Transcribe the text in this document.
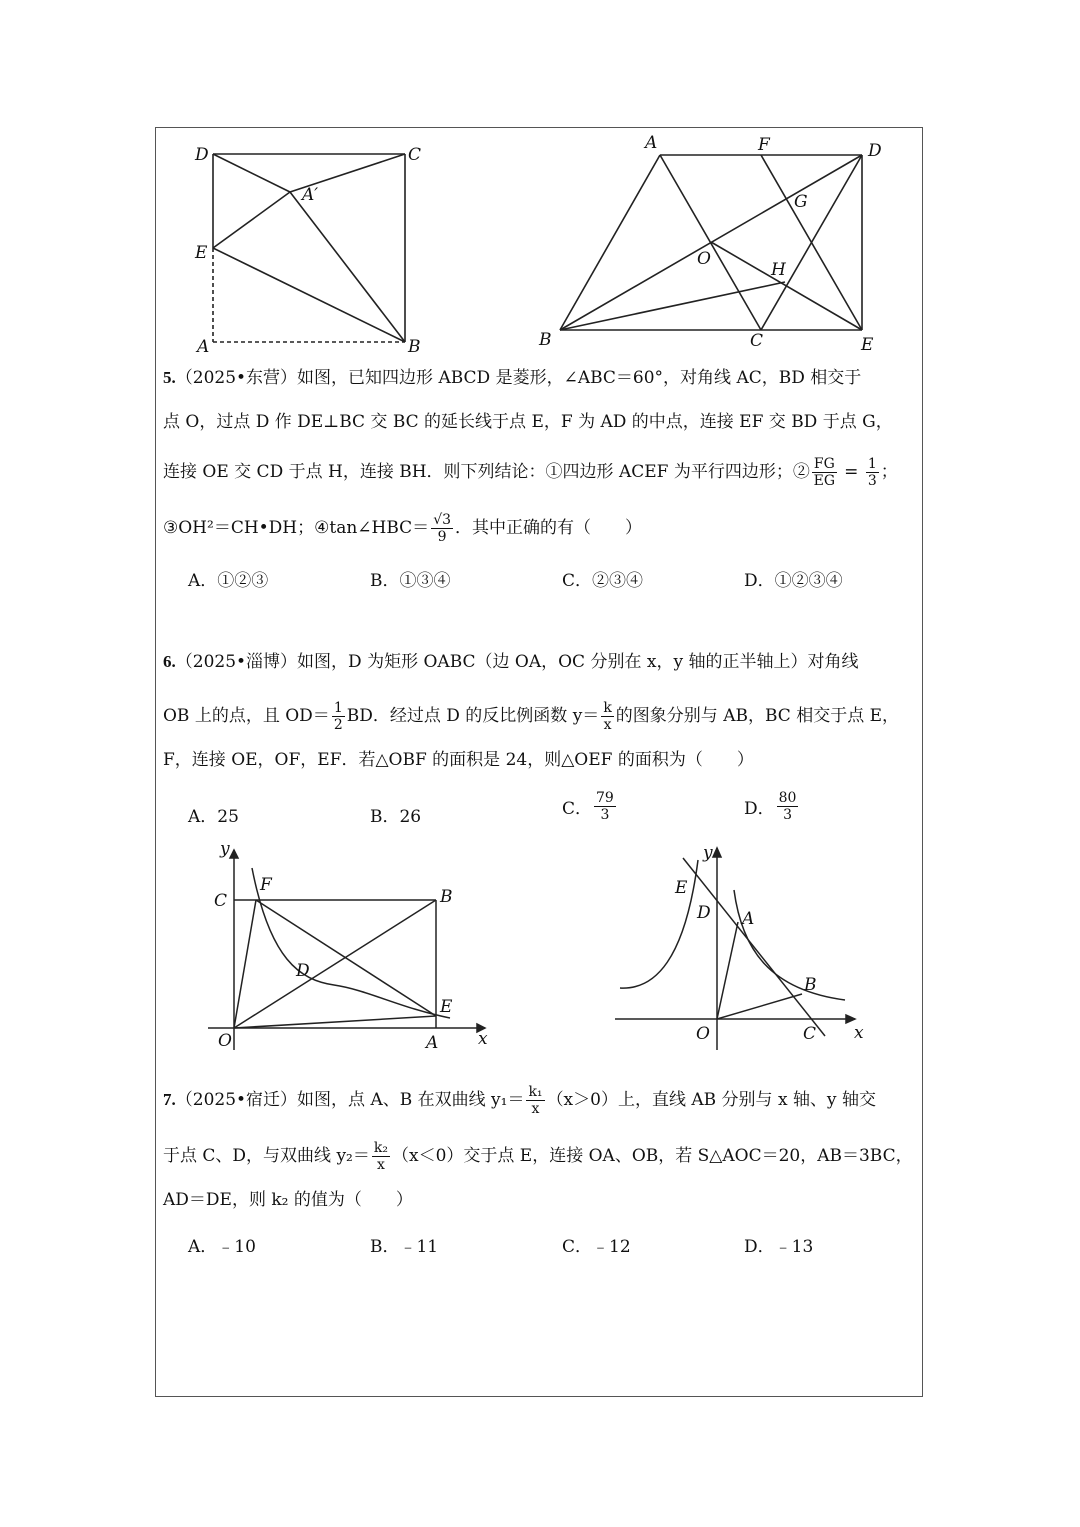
D	C
A′
E
A	B
A	F	D
G
O
H
B	C	E
5.（2025•东营）如图，已知四边形 ABCD 是菱形，∠ABC＝60°，对角线 AC，BD 相交于
点 O，过点 D 作 DE⊥BC 交 BC 的延长线于点 E，F 为 AD 的中点，连接 EF 交 BD 于点 G，
连接 OE 交 CD 于点 H，连接 BH．则下列结论：①四边形 ACEF 为平行四边形；② $\frac{FG}{EG} = \frac{1}{3}$ ；
③OH²＝CH•DH；④tan∠HBC＝ $\frac{√3}{9}$ ．其中正确的有（　　）
A．①②③	B．①③④	C．②③④	D．①②③④
6.（2025•淄博）如图，D 为矩形 OABC（边 OA，OC 分别在 x，y 轴的正半轴上）对角线
OB 上的点，且 $OD= \frac{1}{2}$ BD．经过点 D 的反比例函数 $y= \frac{k}{x}$ 的图象分别与 AB，BC 相交于点 E，
F，连接 OE，OF，EF．若△OBF 的面积是 24，则△OEF 的面积为（　　）
A．25	B．26	C． $\frac{79}{3}$	D． $\frac{80}{3}$
y
C
F
B
D
E
O	A x
y
E
D A
B
O	C x
7.（2025•宿迁）如图，点 A、B 在双曲线 $y_1= \frac{\text{k₁}}{x} (x>0)$上，直线 AB 分别与 x 轴、y 轴交
于点 C、D，与双曲线 $y_2= \frac{\text{k₂}}{x} (x<0)$交于点 E，连接 OA、OB，若 S△AOC＝20，AB＝3BC，
AD＝DE，则 k₂ 的值为（　　）
A．﹣10	B．﹣11	C．﹣12	D．﹣13
